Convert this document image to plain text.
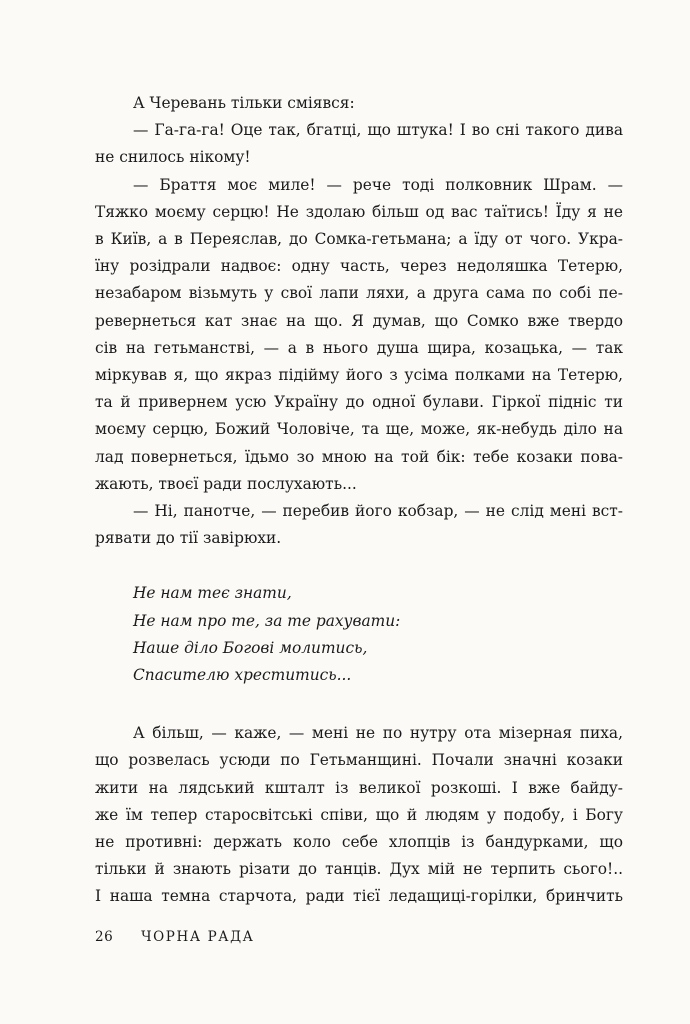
А Черевань тільки сміявся:

— Га-га-га! Оце так, бгатці, що штука! І во сні такого дива

не снилось нікому!

— Браття моє миле! — рече тоді полковник Шрам. —

Тяжко моєму серцю! Не здолаю більш од вас таїтись! Їду я не

в Київ, а в Переяслав, до Сомка-гетьмана; а їду от чого. Укра-

їну розідрали надвоє: одну часть, через недоляшка Тетерю,

незабаром візьмуть у свої лапи ляхи, а друга сама по собі пе-

ревернеться кат знає на що. Я думав, що Сомко вже твердо

сів на гетьманстві, — а в нього душа щира, козацька, — так

міркував я, що якраз підійму його з усіма полками на Тетерю,

та й привернем усю Україну до одної булави. Гіркої підніс ти

моєму серцю, Божий Чоловіче, та ще, може, як-небудь діло на

лад повернеться, їдьмо зо мною на той бік: тебе козаки пова-

жають, твоєї ради послухають...

— Ні, панотче, — перебив його кобзар, — не слід мені вст-

рявати до тії завірюхи.

Не нам теє знати,
Не нам про те, за те рахувати:
Наше діло Богові молитись,
Спасителю хреститись...

А більш, — каже, — мені не по нутру ота мізерная пиха,

що розвелась усюди по Гетьманщині. Почали значні козаки

жити на лядський кшталт із великої розкоші. І вже байду-

же їм тепер старосвітські співи, що й людям у подобу, і Богу

не противні: держать коло себе хлопців із бандурками, що

тільки й знають різати до танців. Дух мій не терпить сього!..

І наша темна старчота, ради тієї ледащиці-горілки, бринчить

26 ЧОРНА РАДА
